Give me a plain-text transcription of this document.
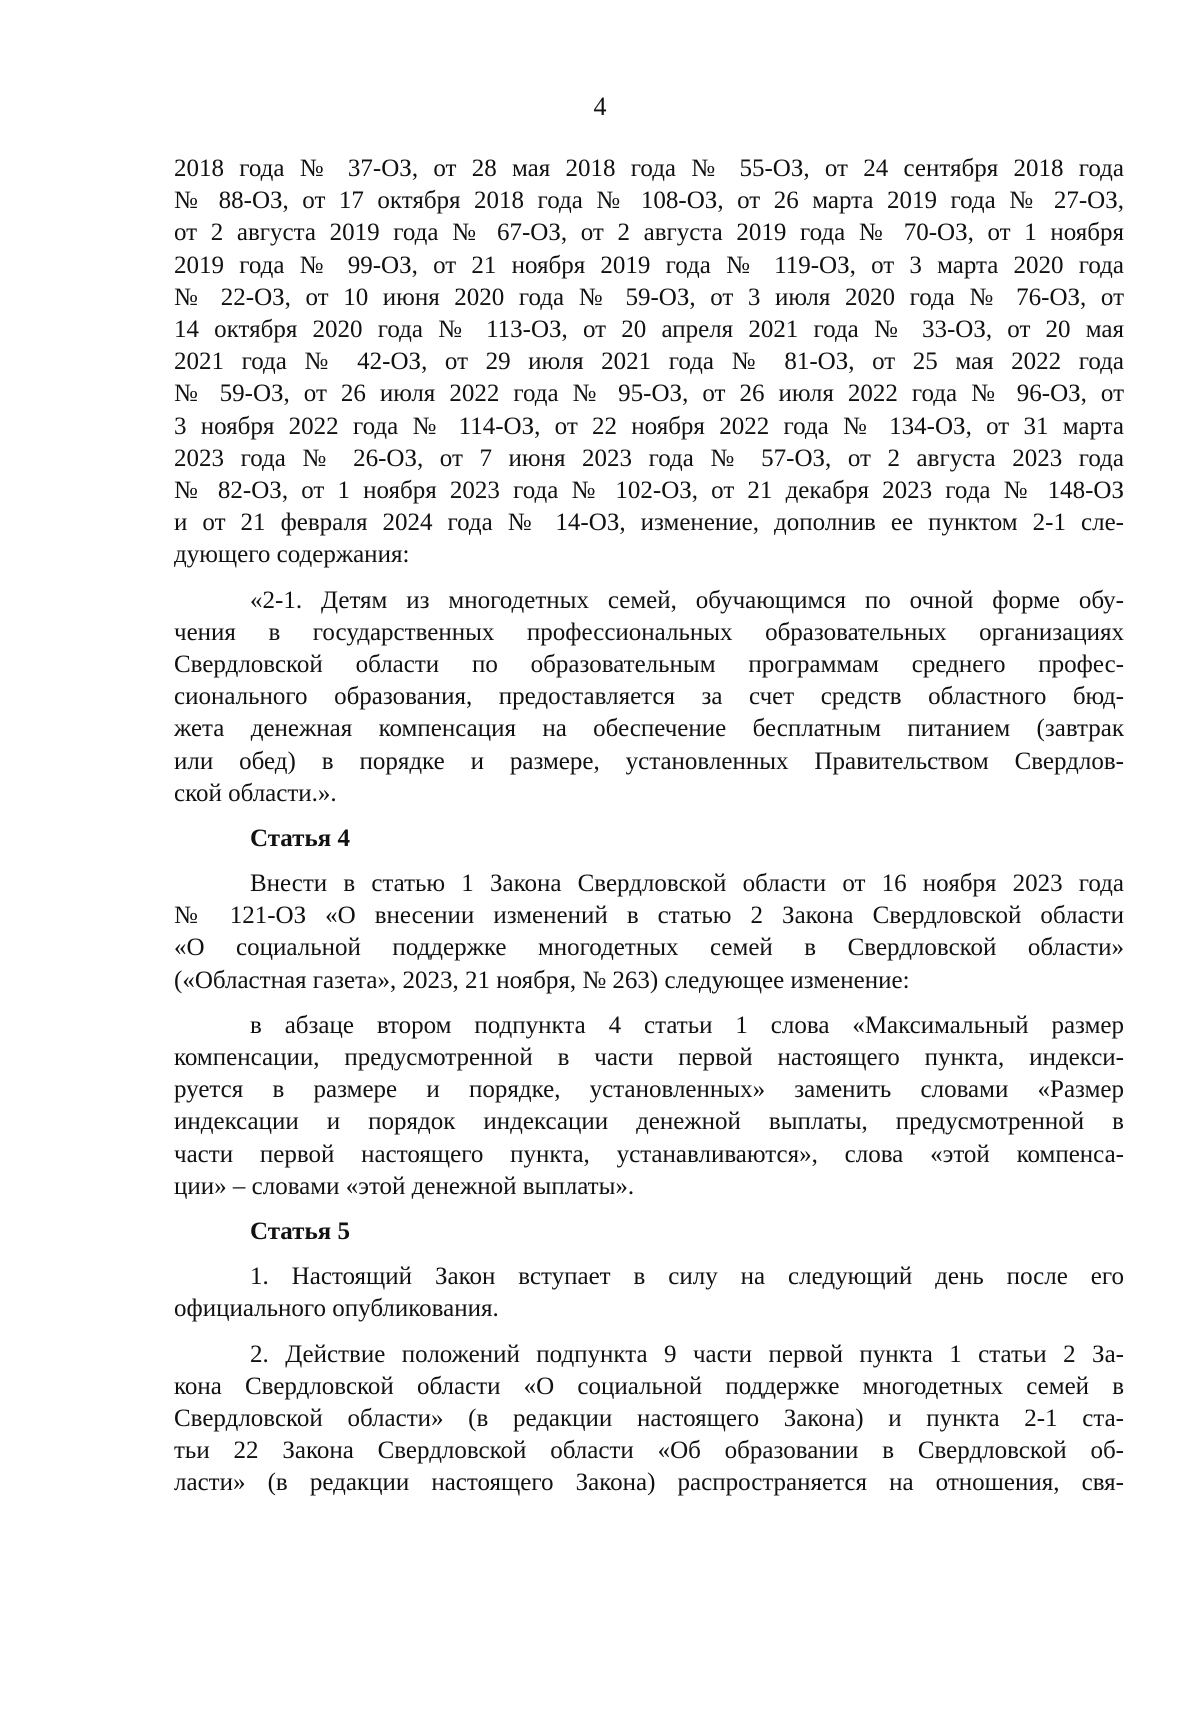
4
2018 года № 37-ОЗ, от 28 мая 2018 года № 55-ОЗ, от 24 сентября 2018 года
№ 88-ОЗ, от 17 октября 2018 года № 108-ОЗ, от 26 марта 2019 года № 27-ОЗ,
от 2 августа 2019 года № 67-ОЗ, от 2 августа 2019 года № 70-ОЗ, от 1 ноября
2019 года № 99-ОЗ, от 21 ноября 2019 года № 119-ОЗ, от 3 марта 2020 года
№ 22-ОЗ, от 10 июня 2020 года № 59-ОЗ, от 3 июля 2020 года № 76-ОЗ, от
14 октября 2020 года № 113-ОЗ, от 20 апреля 2021 года № 33-ОЗ, от 20 мая
2021 года № 42-ОЗ, от 29 июля 2021 года № 81-ОЗ, от 25 мая 2022 года
№ 59-ОЗ, от 26 июля 2022 года № 95-ОЗ, от 26 июля 2022 года № 96-ОЗ, от
3 ноября 2022 года № 114-ОЗ, от 22 ноября 2022 года № 134-ОЗ, от 31 марта
2023 года № 26-ОЗ, от 7 июня 2023 года № 57-ОЗ, от 2 августа 2023 года
№ 82-ОЗ, от 1 ноября 2023 года № 102-ОЗ, от 21 декабря 2023 года № 148-ОЗ
и от 21 февраля 2024 года № 14-ОЗ, изменение, дополнив ее пунктом 2-1 сле-
дующего содержания:
«2-1. Детям из многодетных семей, обучающимся по очной форме обу-
чения в государственных профессиональных образовательных организациях
Свердловской области по образовательным программам среднего профес-
сионального образования, предоставляется за счет средств областного бюд-
жета денежная компенсация на обеспечение бесплатным питанием (завтрак
или обед) в порядке и размере, установленных Правительством Свердлов-
ской области.».
Статья 4
Внести в статью 1 Закона Свердловской области от 16 ноября 2023 года
№ 121-ОЗ «О внесении изменений в статью 2 Закона Свердловской области
«О социальной поддержке многодетных семей в Свердловской области»
(«Областная газета», 2023, 21 ноября, № 263) следующее изменение:
в абзаце втором подпункта 4 статьи 1 слова «Максимальный размер
компенсации, предусмотренной в части первой настоящего пункта, индекси-
руется в размере и порядке, установленных» заменить словами «Размер
индексации и порядок индексации денежной выплаты, предусмотренной в
части первой настоящего пункта, устанавливаются», слова «этой компенса-
ции» – словами «этой денежной выплаты».
Статья 5
1. Настоящий Закон вступает в силу на следующий день после его
официального опубликования.
2. Действие положений подпункта 9 части первой пункта 1 статьи 2 За-
кона Свердловской области «О социальной поддержке многодетных семей в
Свердловской области» (в редакции настоящего Закона) и пункта 2-1 ста-
тьи 22 Закона Свердловской области «Об образовании в Свердловской об-
ласти» (в редакции настоящего Закона) распространяется на отношения, свя-
